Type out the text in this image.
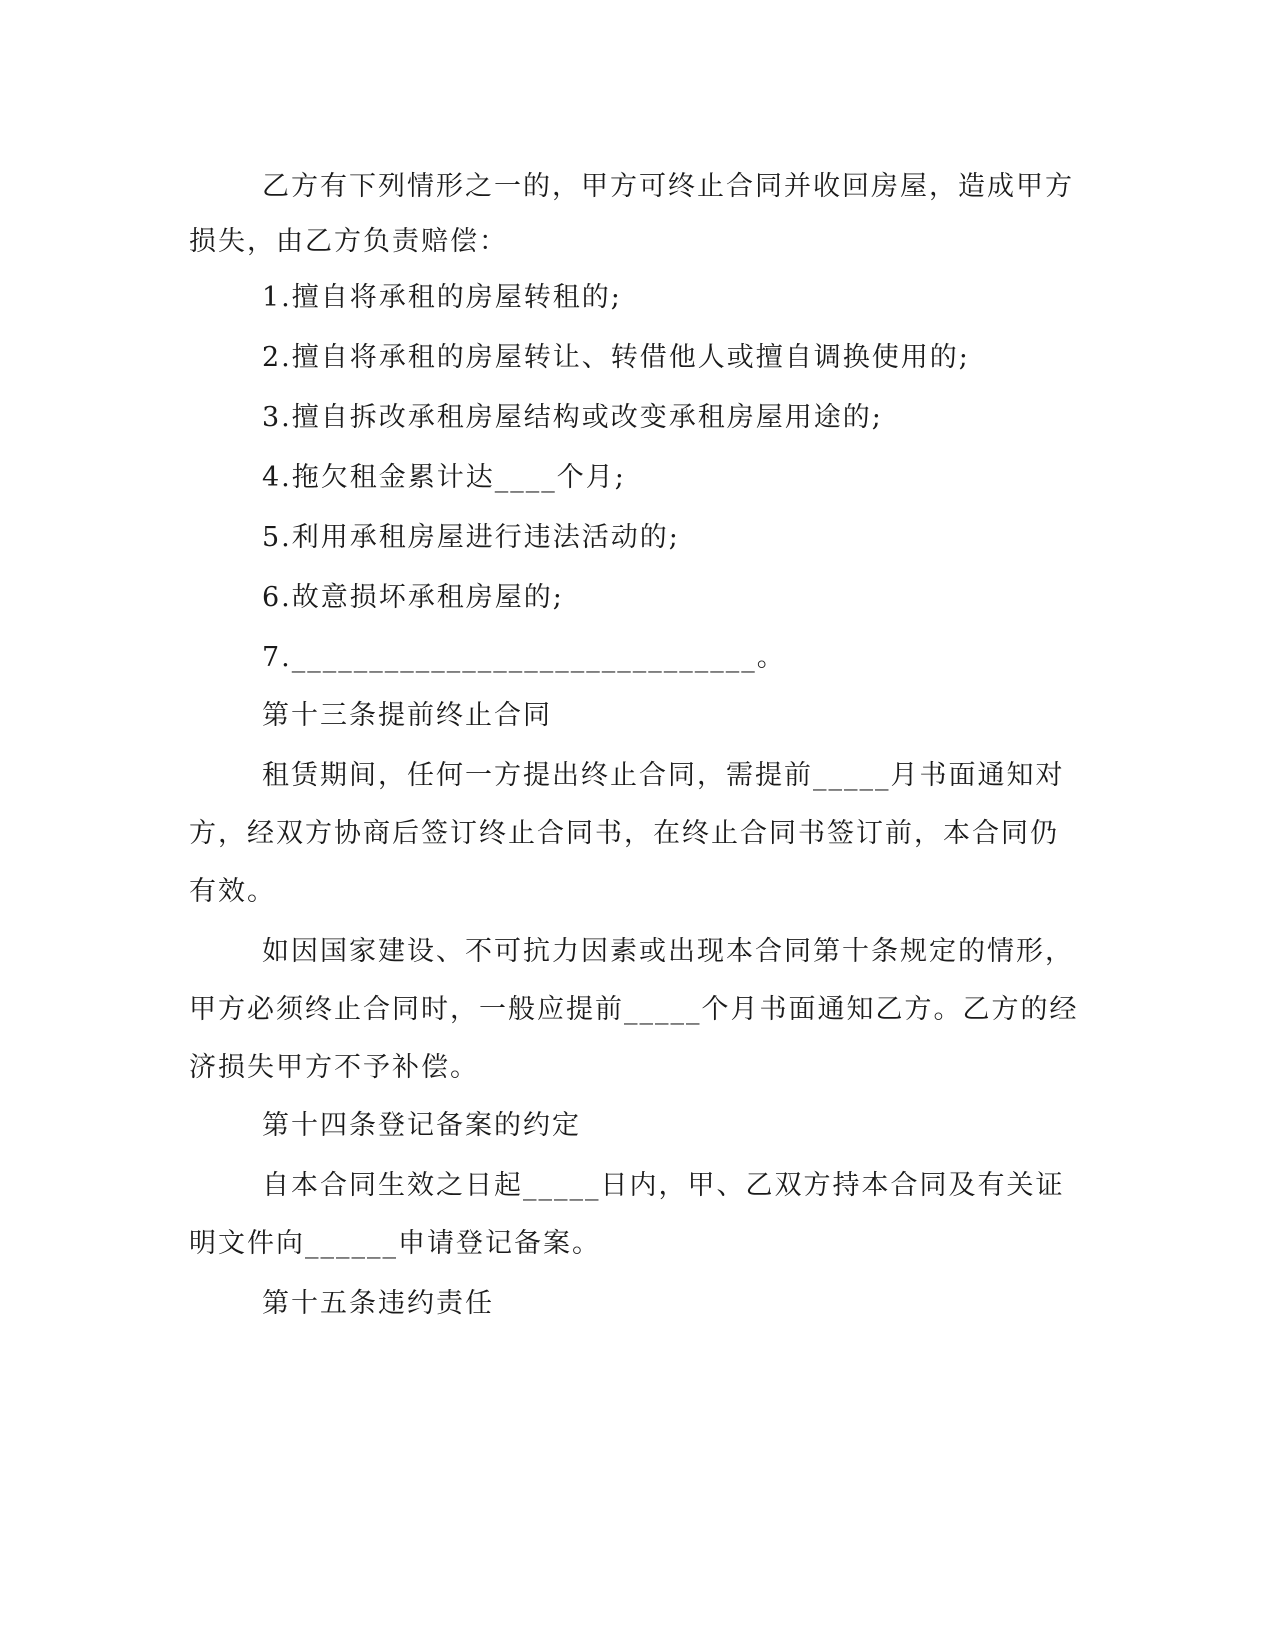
乙方有下列情形之一的，甲方可终止合同并收回房屋，造成甲方
损失，由乙方负责赔偿：
1.擅自将承租的房屋转租的;
2.擅自将承租的房屋转让、转借他人或擅自调换使用的;
3.擅自拆改承租房屋结构或改变承租房屋用途的;
4.拖欠租金累计达____个月;
5.利用承租房屋进行违法活动的;
6.故意损坏承租房屋的;
7.______________________________。
第十三条提前终止合同
租赁期间，任何一方提出终止合同，需提前_____月书面通知对
方，经双方协商后签订终止合同书，在终止合同书签订前，本合同仍
有效。
如因国家建设、不可抗力因素或出现本合同第十条规定的情形，
甲方必须终止合同时，一般应提前_____个月书面通知乙方。乙方的经
济损失甲方不予补偿。
第十四条登记备案的约定
自本合同生效之日起_____日内，甲、乙双方持本合同及有关证
明文件向______申请登记备案。
第十五条违约责任
